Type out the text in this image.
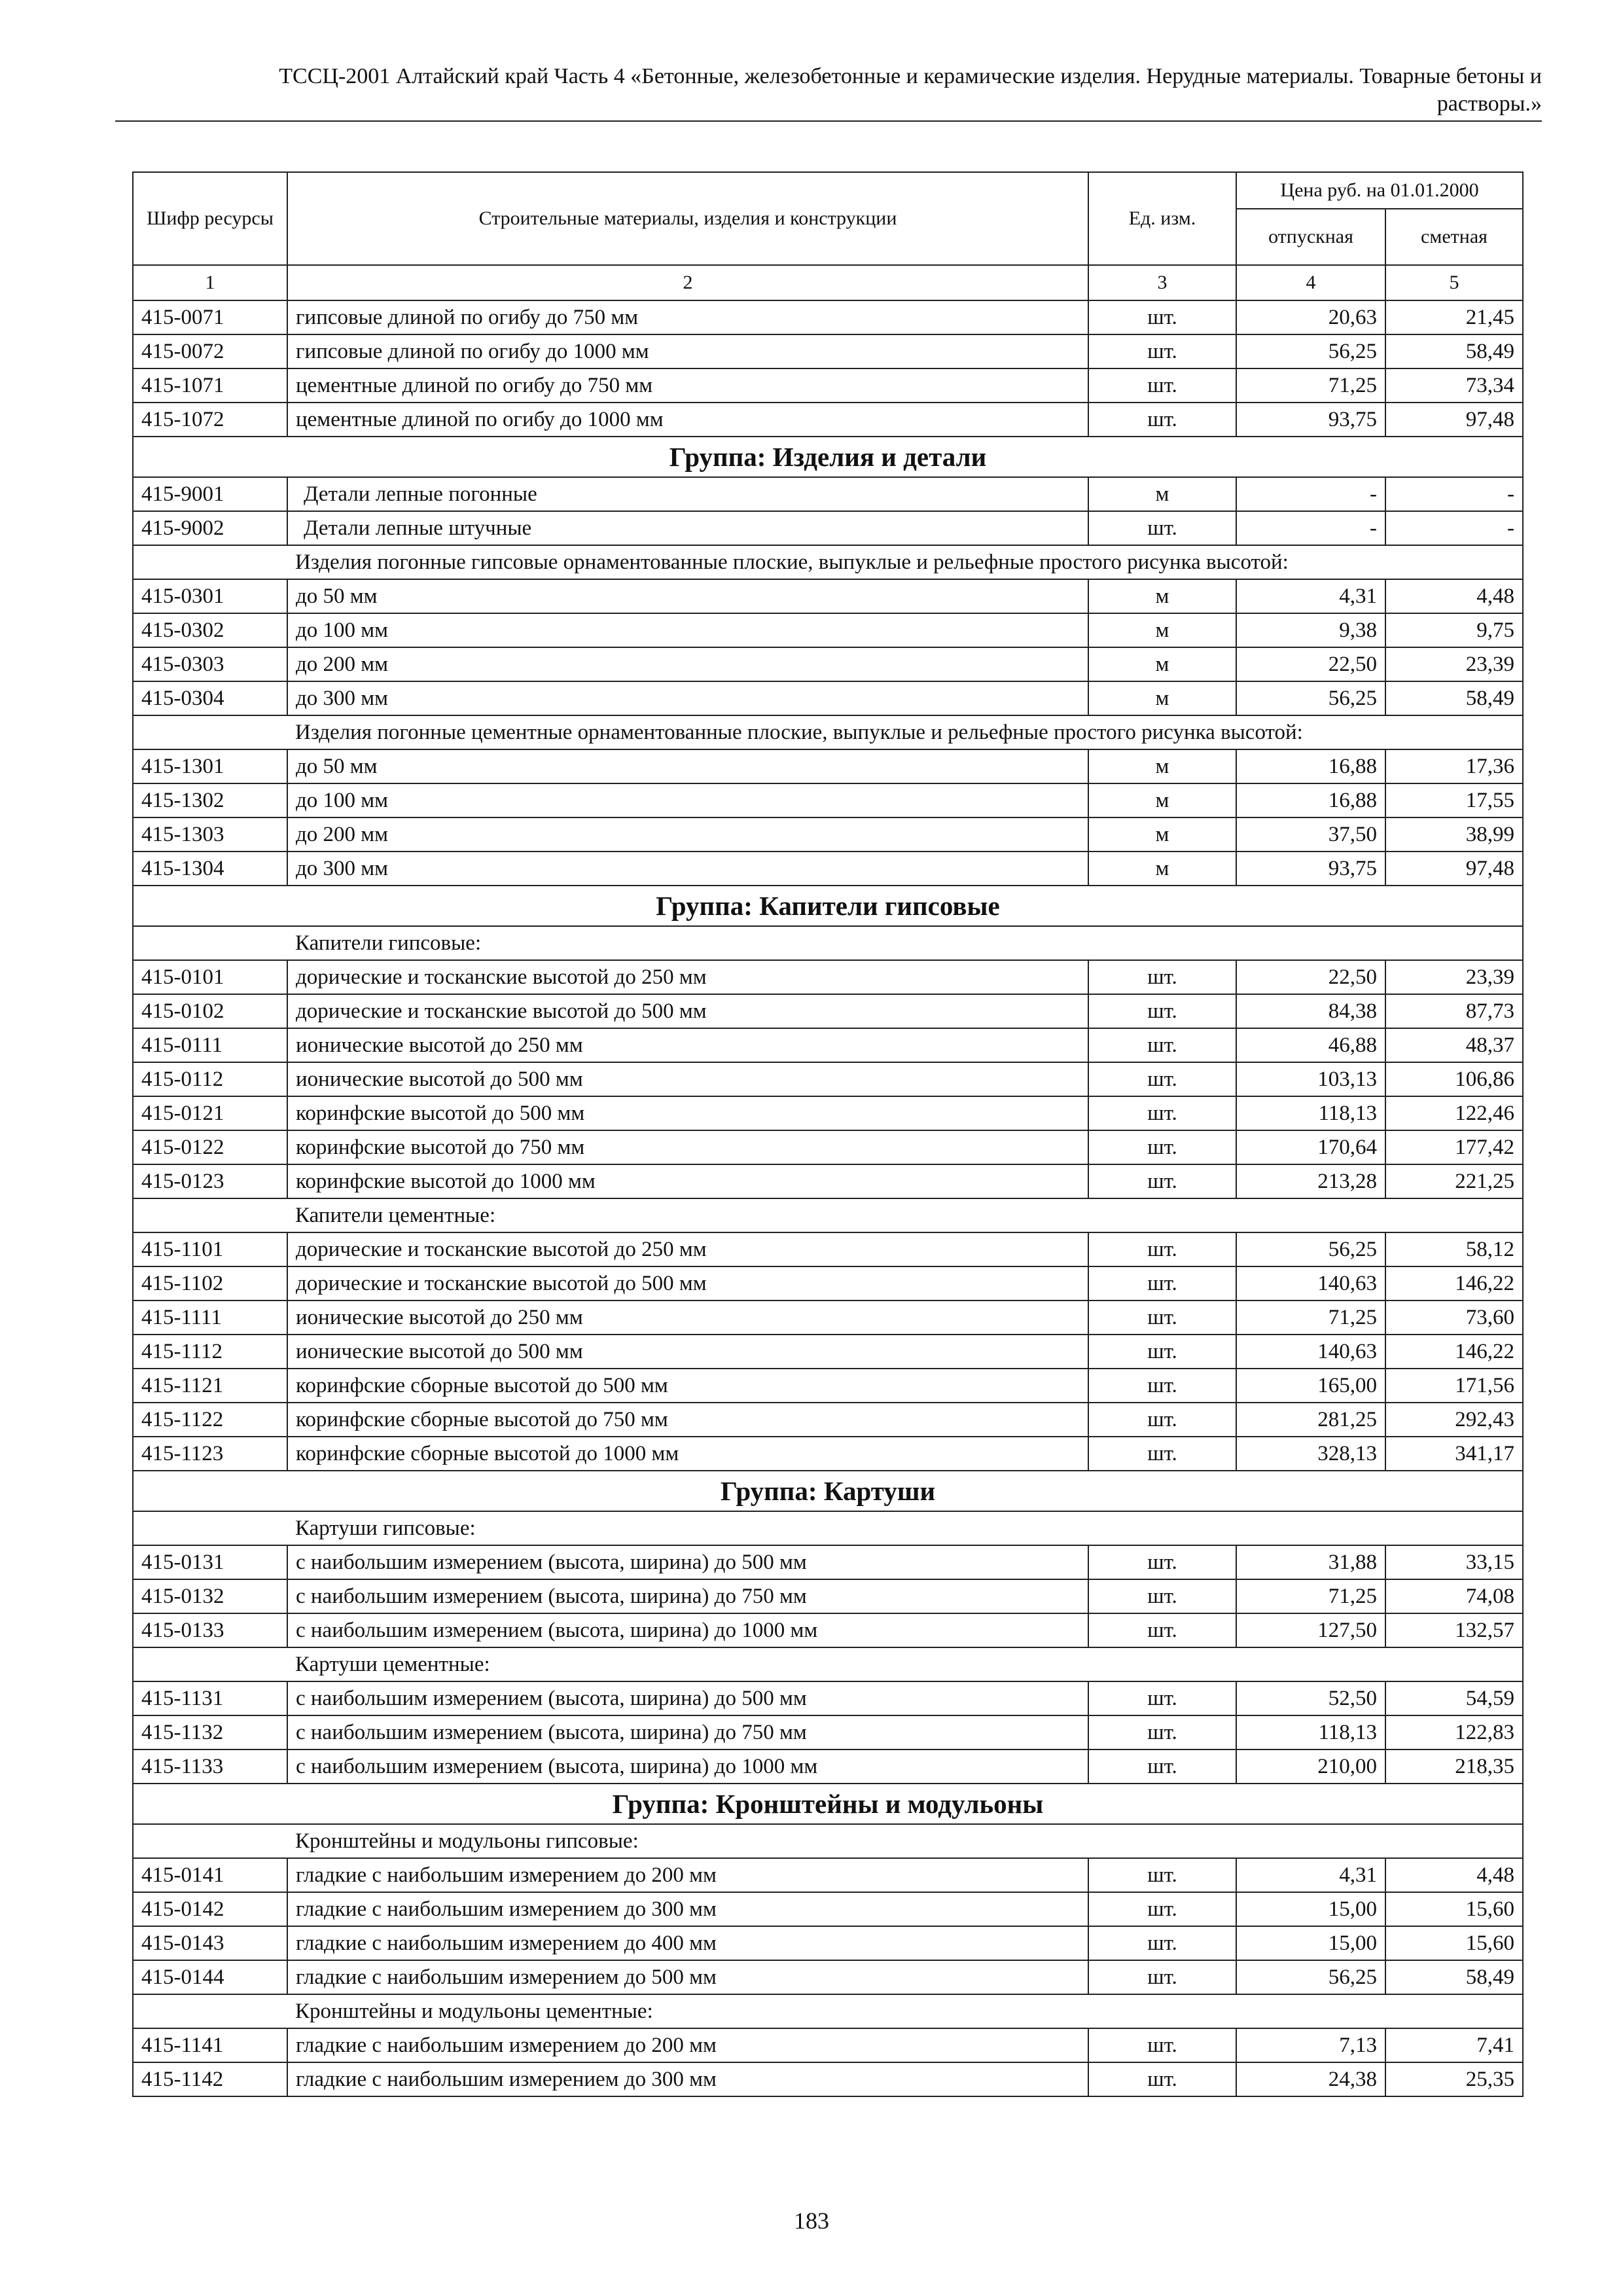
ТССЦ-2001 Алтайский край Часть 4 «Бетонные, железобетонные и керамические изделия. Нерудные материалы. Товарные бетоны и
растворы.»
Шифр ресурсы	Строительные материалы, изделия и конструкции	Ед. изм.	Цена руб. на 01.01.2000	
			отпускная	сметная
1	2	3	4	5
415-0071	гипсовые длиной по огибу до 750 мм	шт.	20,63	21,45
415-0072	гипсовые длиной по огибу до 1000 мм	шт.	56,25	58,49
415-1071	цементные длиной по огибу до 750 мм	шт.	71,25	73,34
415-1072	цементные длиной по огибу до 1000 мм	шт.	93,75	97,48
Группа: Изделия и детали				
415-9001	Детали лепные погонные	м	-	-
415-9002	Детали лепные штучные	шт.	-	-
	Изделия погонные гипсовые орнаментованные плоские, выпуклые и рельефные простого рисунка высотой:			
415-0301	до 50 мм	м	4,31	4,48
415-0302	до 100 мм	м	9,38	9,75
415-0303	до 200 мм	м	22,50	23,39
415-0304	до 300 мм	м	56,25	58,49
	Изделия погонные цементные орнаментованные плоские, выпуклые и рельефные простого рисунка высотой:			
415-1301	до 50 мм	м	16,88	17,36
415-1302	до 100 мм	м	16,88	17,55
415-1303	до 200 мм	м	37,50	38,99
415-1304	до 300 мм	м	93,75	97,48
Группа: Капители гипсовые				
	Капители гипсовые:			
415-0101	дорические и тосканские высотой до 250 мм	шт.	22,50	23,39
415-0102	дорические и тосканские высотой до 500 мм	шт.	84,38	87,73
415-0111	ионические высотой до 250 мм	шт.	46,88	48,37
415-0112	ионические высотой до 500 мм	шт.	103,13	106,86
415-0121	коринфские высотой до 500 мм	шт.	118,13	122,46
415-0122	коринфские высотой до 750 мм	шт.	170,64	177,42
415-0123	коринфские высотой до 1000 мм	шт.	213,28	221,25
	Капители цементные:			
415-1101	дорические и тосканские высотой до 250 мм	шт.	56,25	58,12
415-1102	дорические и тосканские высотой до 500 мм	шт.	140,63	146,22
415-1111	ионические высотой до 250 мм	шт.	71,25	73,60
415-1112	ионические высотой до 500 мм	шт.	140,63	146,22
415-1121	коринфские сборные высотой до 500 мм	шт.	165,00	171,56
415-1122	коринфские сборные высотой до 750 мм	шт.	281,25	292,43
415-1123	коринфские сборные высотой до 1000 мм	шт.	328,13	341,17
Группа: Картуши				
	Картуши гипсовые:			
415-0131	с наибольшим измерением (высота, ширина) до 500 мм	шт.	31,88	33,15
415-0132	с наибольшим измерением (высота, ширина) до 750 мм	шт.	71,25	74,08
415-0133	с наибольшим измерением (высота, ширина) до 1000 мм	шт.	127,50	132,57
	Картуши цементные:			
415-1131	с наибольшим измерением (высота, ширина) до 500 мм	шт.	52,50	54,59
415-1132	с наибольшим измерением (высота, ширина) до 750 мм	шт.	118,13	122,83
415-1133	с наибольшим измерением (высота, ширина) до 1000 мм	шт.	210,00	218,35
Группа: Кронштейны и модульоны				
	Кронштейны и модульоны гипсовые:			
415-0141	гладкие с наибольшим измерением до 200 мм	шт.	4,31	4,48
415-0142	гладкие с наибольшим измерением до 300 мм	шт.	15,00	15,60
415-0143	гладкие с наибольшим измерением до 400 мм	шт.	15,00	15,60
415-0144	гладкие с наибольшим измерением до 500 мм	шт.	56,25	58,49
	Кронштейны и модульоны цементные:			
415-1141	гладкие с наибольшим измерением до 200 мм	шт.	7,13	7,41
415-1142	гладкие с наибольшим измерением до 300 мм	шт.	24,38	25,35
183
